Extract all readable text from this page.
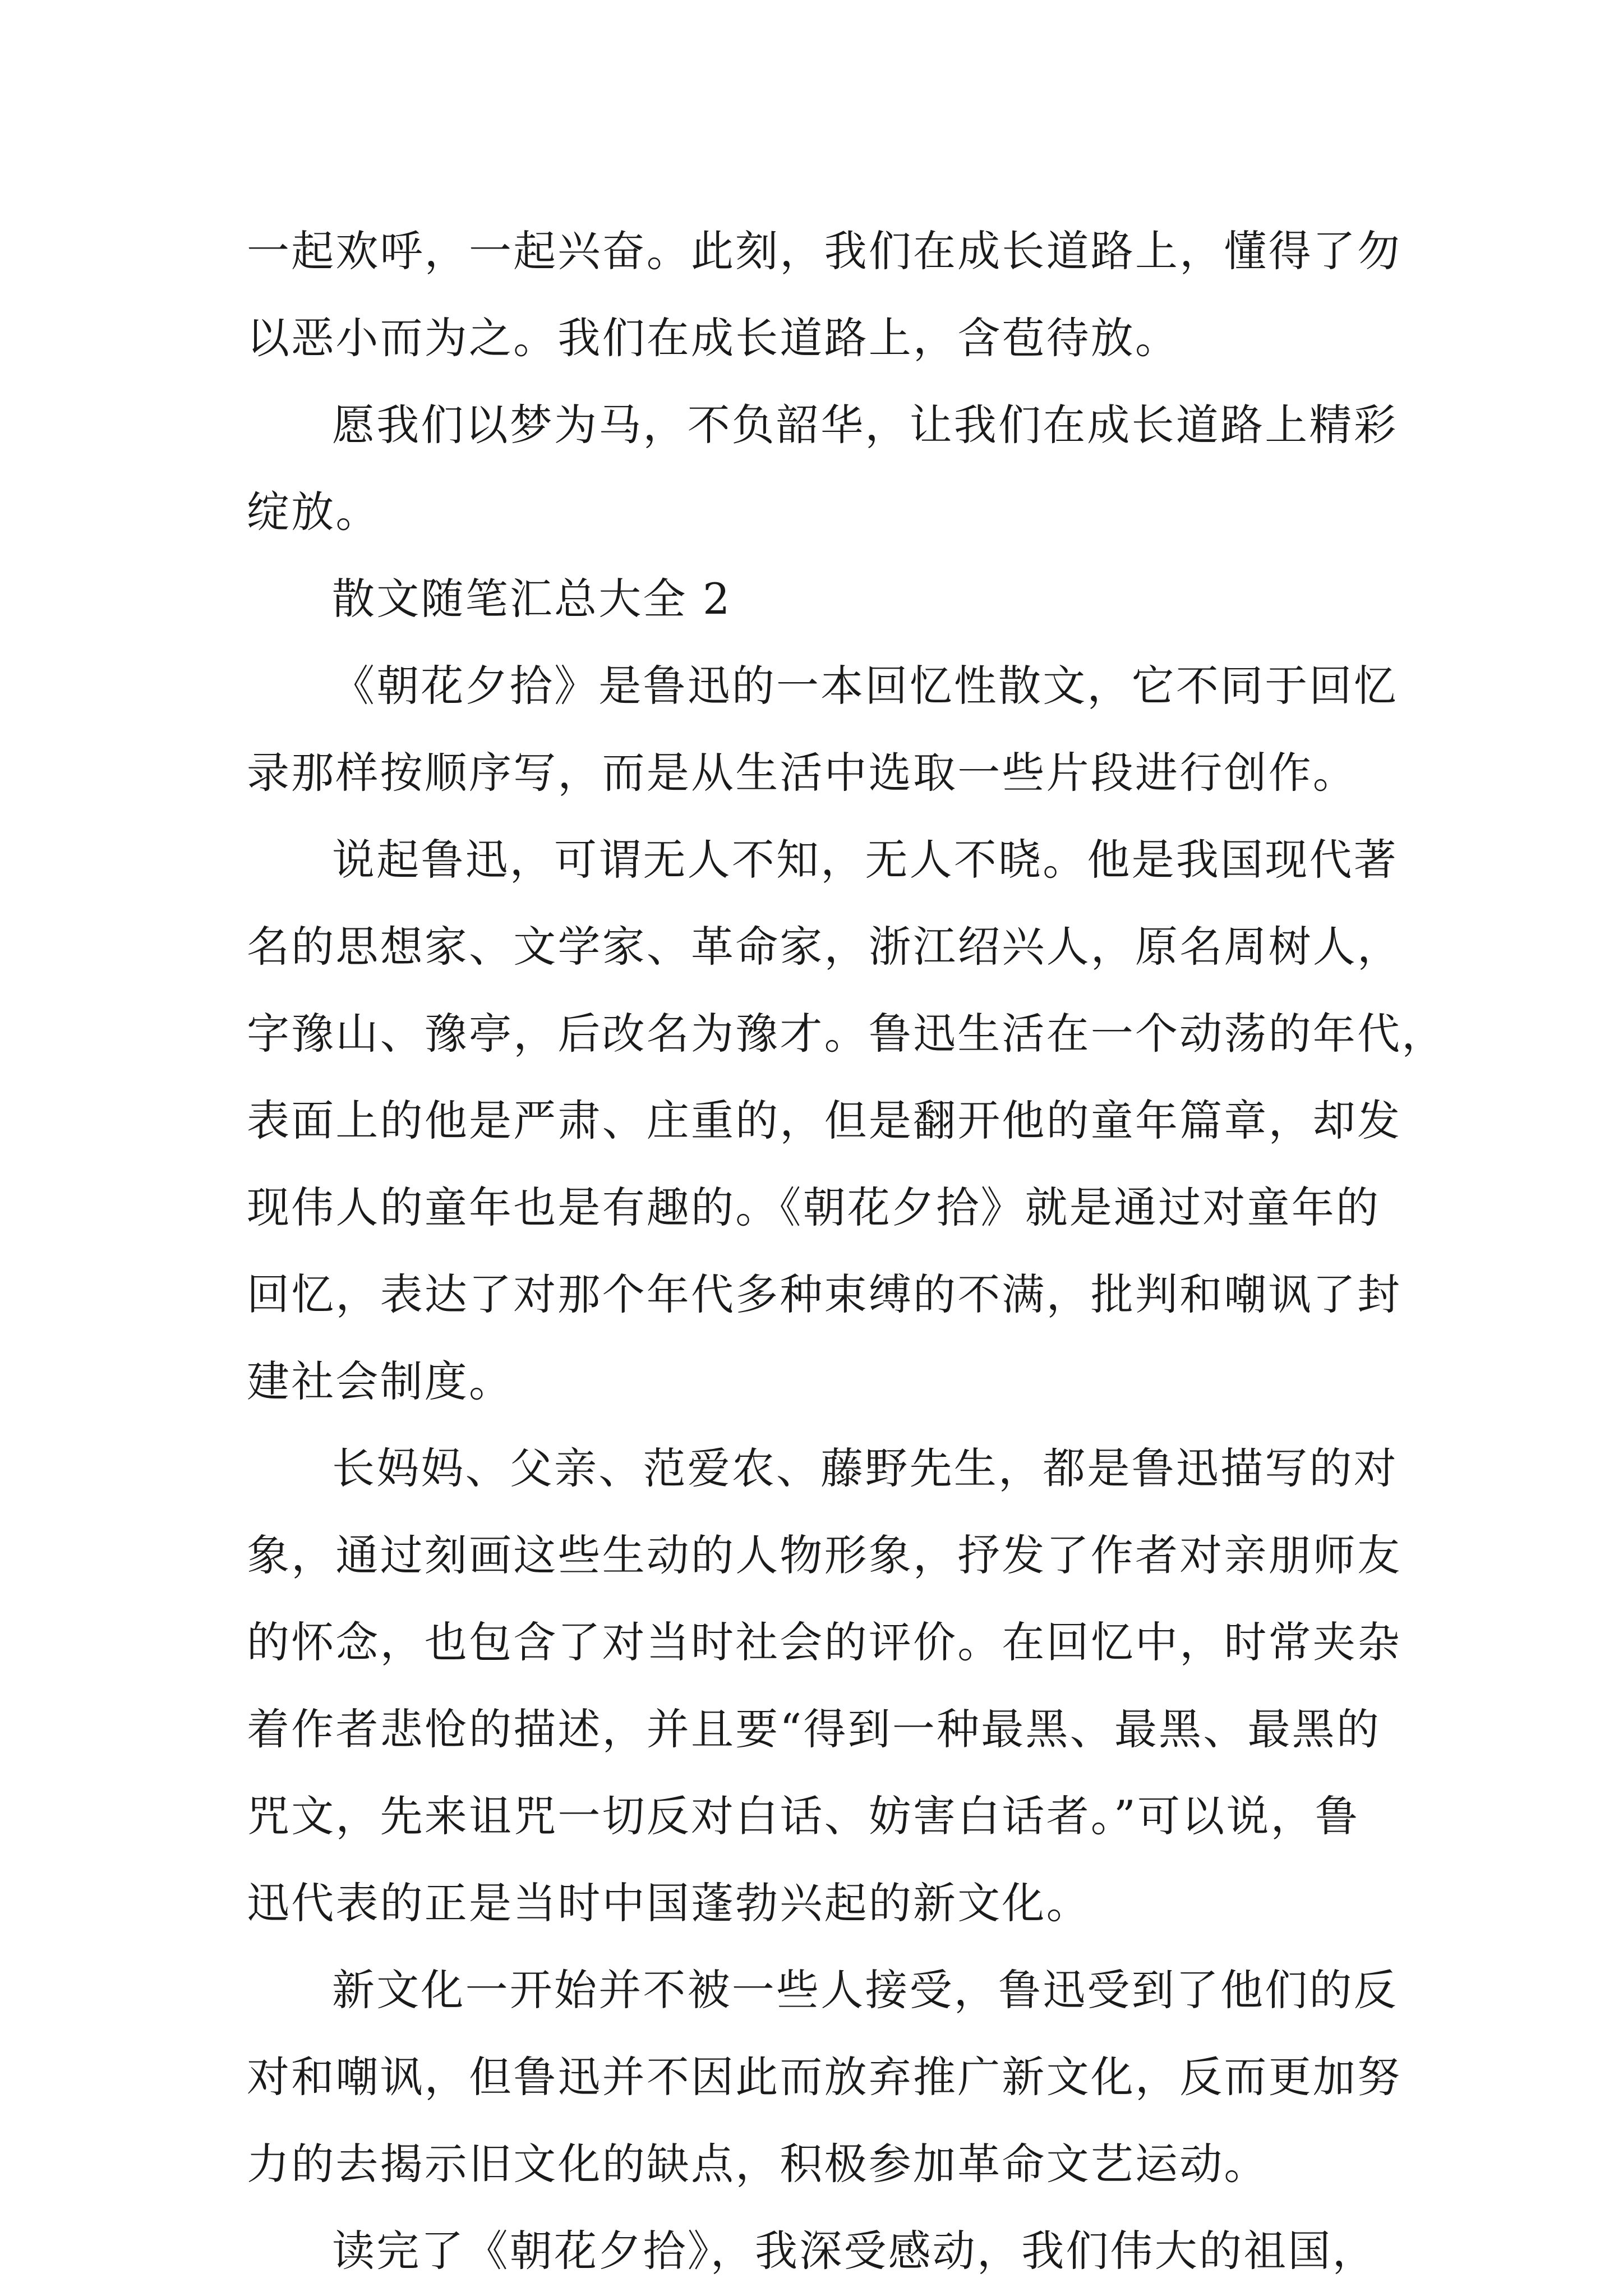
一起欢呼，一起兴奋。此刻，我们在成长道路上，懂得了勿
以恶小而为之。我们在成长道路上，含苞待放。
愿我们以梦为马，不负韶华，让我们在成长道路上精彩
绽放。
散文随笔汇总大全 2
《朝花夕拾》是鲁迅的一本回忆性散文，它不同于回忆
录那样按顺序写，而是从生活中选取一些片段进行创作。
说起鲁迅，可谓无人不知，无人不晓。他是我国现代著
名的思想家、文学家、革命家，浙江绍兴人，原名周树人，
字豫山、豫亭，后改名为豫才。鲁迅生活在一个动荡的年代，
表面上的他是严肃、庄重的，但是翻开他的童年篇章，却发
现伟人的童年也是有趣的。《朝花夕拾》就是通过对童年的
回忆，表达了对那个年代多种束缚的不满，批判和嘲讽了封
建社会制度。
长妈妈、父亲、范爱农、藤野先生，都是鲁迅描写的对
象，通过刻画这些生动的人物形象，抒发了作者对亲朋师友
的怀念，也包含了对当时社会的评价。在回忆中，时常夹杂
着作者悲怆的描述，并且要“得到一种最黑、最黑、最黑的
咒文，先来诅咒一切反对白话、妨害白话者。”可以说，鲁
迅代表的正是当时中国蓬勃兴起的新文化。
新文化一开始并不被一些人接受，鲁迅受到了他们的反
对和嘲讽，但鲁迅并不因此而放弃推广新文化，反而更加努
力的去揭示旧文化的缺点，积极参加革命文艺运动。
读完了《朝花夕拾》，我深受感动，我们伟大的祖国，
